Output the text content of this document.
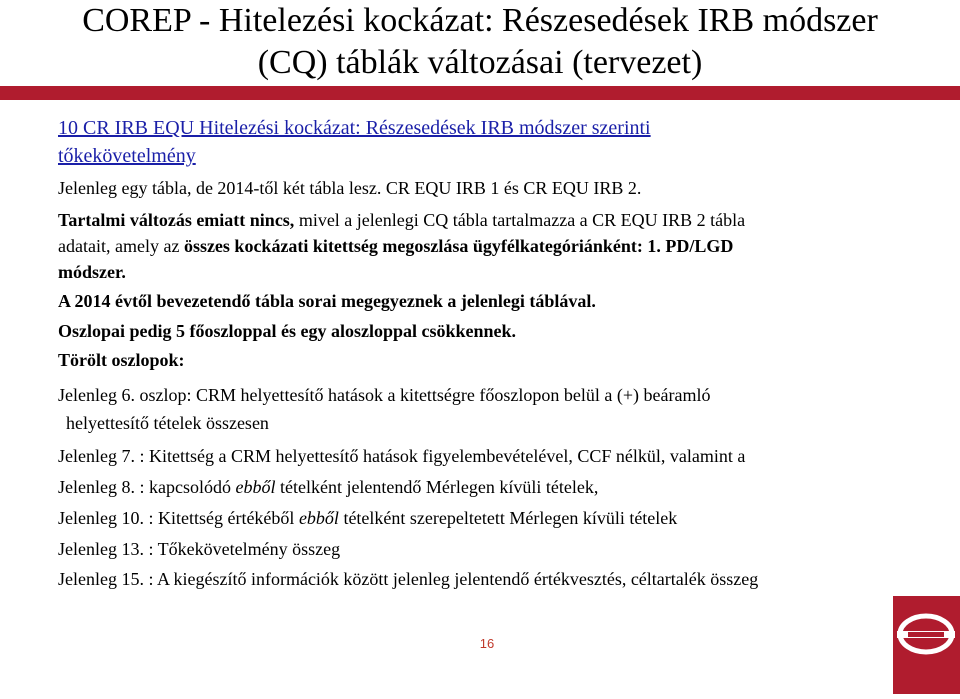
COREP - Hitelezési kockázat: Részesedések IRB módszer
(CQ) táblák változásai (tervezet)
10 CR IRB EQU Hitelezési kockázat: Részesedések IRB módszer szerinti
tőkekövetelmény
Jelenleg egy tábla, de 2014-től két tábla lesz. CR EQU IRB 1 és CR EQU IRB 2.
Tartalmi változás emiatt nincs, mivel a jelenlegi CQ tábla tartalmazza a CR EQU IRB 2 tábla
adatait, amely az összes kockázati kitettség megoszlása ügyfélkategóriánként: 1. PD/LGD
módszer.
A 2014 évtől bevezetendő tábla sorai megegyeznek a jelenlegi táblával.
Oszlopai pedig 5 főoszloppal és egy aloszloppal csökkennek.
Törölt oszlopok:
Jelenleg 6. oszlop: CRM helyettesítő hatások a kitettségre főoszlopon belül a (+) beáramló
helyettesítő tételek összesen
Jelenleg 7. : Kitettség a CRM helyettesítő hatások figyelembevételével, CCF nélkül, valamint a
Jelenleg 8. : kapcsolódó ebből tételként jelentendő Mérlegen kívüli tételek,
Jelenleg 10. : Kitettség értékéből ebből tételként szerepeltetett Mérlegen kívüli tételek
Jelenleg 13. : Tőkekövetelmény összeg
Jelenleg 15. : A kiegészítő információk között jelenleg jelentendő értékvesztés, céltartalék összeg
16
